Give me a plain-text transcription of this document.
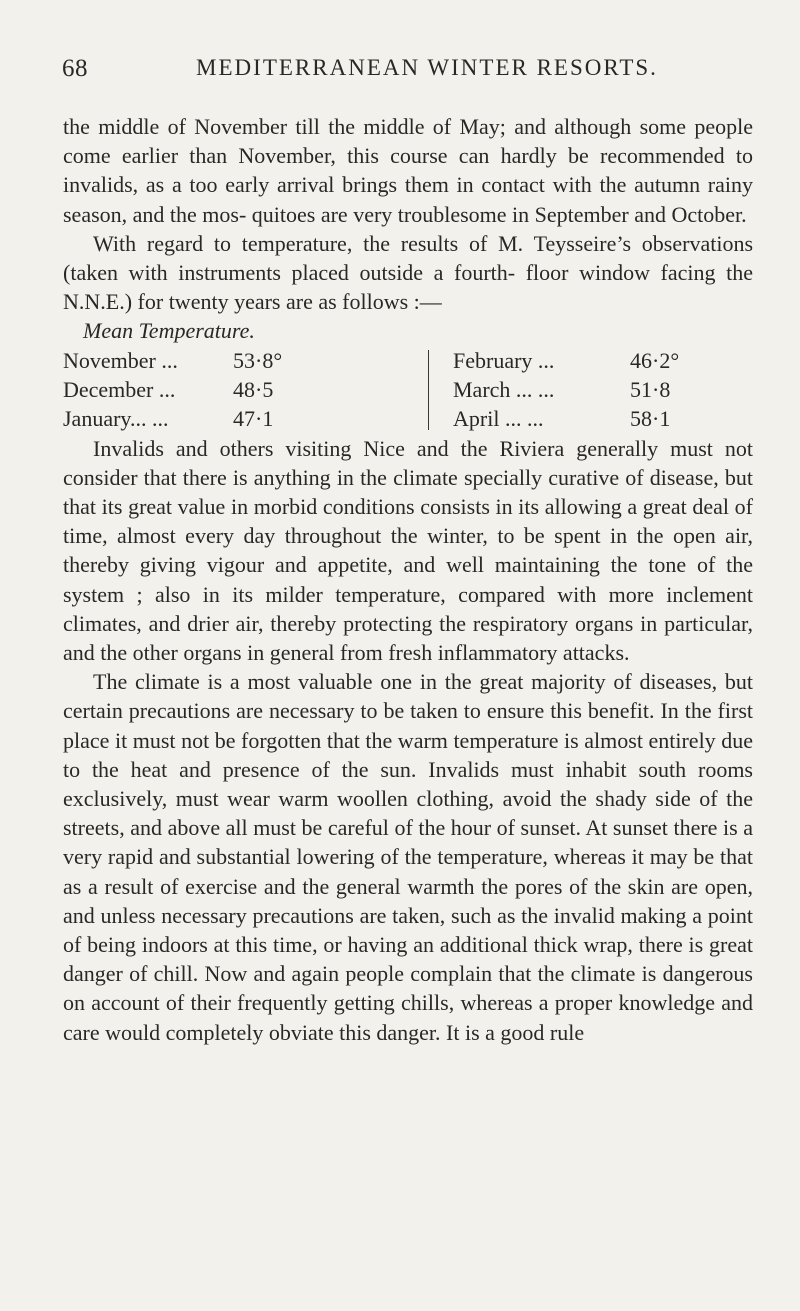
68	MEDITERRANEAN WINTER RESORTS.

the middle of November till the middle of May; and although some people come earlier than November, this course can hardly be recommended to invalids, as a too early arrival brings them in contact with the autumn rainy season, and the mos- quitoes are very troublesome in September and October.

With regard to temperature, the results of M. Teysseire’s observations (taken with instruments placed outside a fourth- floor window facing the N.N.E.) for twenty years are as follows :—

Mean Temperature.

November ...	53·8°	February ...	46·2°
December ...	48·5	March ... ...	51·8
January... ...	47·1	April ... ...	58·1

Invalids and others visiting Nice and the Riviera generally must not consider that there is anything in the climate specially curative of disease, but that its great value in morbid conditions consists in its allowing a great deal of time, almost every day throughout the winter, to be spent in the open air, thereby giving vigour and appetite, and well maintaining the tone of the system ; also in its milder temperature, compared with more inclement climates, and drier air, thereby protecting the respiratory organs in particular, and the other organs in general from fresh inflammatory attacks.

The climate is a most valuable one in the great majority of diseases, but certain precautions are necessary to be taken to ensure this benefit. In the first place it must not be forgotten that the warm temperature is almost entirely due to the heat and presence of the sun. Invalids must inhabit south rooms exclusively, must wear warm woollen clothing, avoid the shady side of the streets, and above all must be careful of the hour of sunset. At sunset there is a very rapid and substantial lowering of the temperature, whereas it may be that as a result of exercise and the general warmth the pores of the skin are open, and unless necessary precautions are taken, such as the invalid making a point of being indoors at this time, or having an additional thick wrap, there is great danger of chill. Now and again people complain that the climate is dangerous on account of their frequently getting chills, whereas a proper knowledge and care would completely obviate this danger. It is a good rule
